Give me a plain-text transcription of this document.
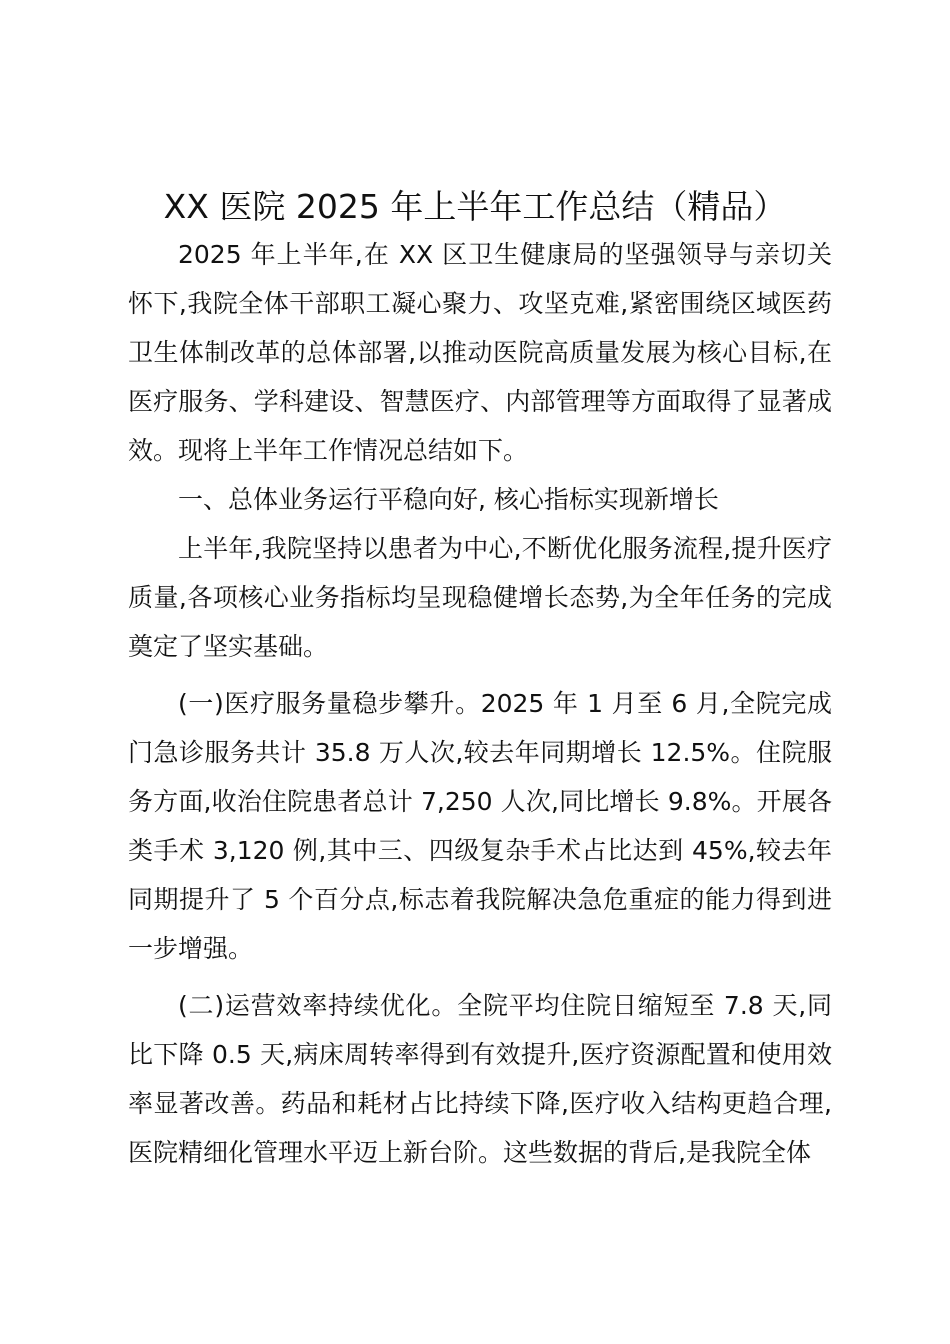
XX 医院 2025 年上半年工作总结（精品）

2025 年上半年,在 XX 区卫生健康局的坚强领导与亲切关怀下,我院全体干部职工凝心聚力、攻坚克难,紧密围绕区域医药卫生体制改革的总体部署,以推动医院高质量发展为核心目标,在医疗服务、学科建设、智慧医疗、内部管理等方面取得了显著成效。现将上半年工作情况总结如下。

一、总体业务运行平稳向好, 核心指标实现新增长

上半年,我院坚持以患者为中心,不断优化服务流程,提升医疗质量,各项核心业务指标均呈现稳健增长态势,为全年任务的完成奠定了坚实基础。

(一)医疗服务量稳步攀升。2025 年 1 月至 6 月,全院完成门急诊服务共计 35.8 万人次,较去年同期增长 12.5%。住院服务方面,收治住院患者总计 7,250 人次,同比增长 9.8%。开展各类手术 3,120 例,其中三、四级复杂手术占比达到 45%,较去年同期提升了 5 个百分点,标志着我院解决急危重症的能力得到进一步增强。

(二)运营效率持续优化。全院平均住院日缩短至 7.8 天,同比下降 0.5 天,病床周转率得到有效提升,医疗资源配置和使用效率显著改善。药品和耗材占比持续下降,医疗收入结构更趋合理,医院精细化管理水平迈上新台阶。这些数据的背后,是我院全体
